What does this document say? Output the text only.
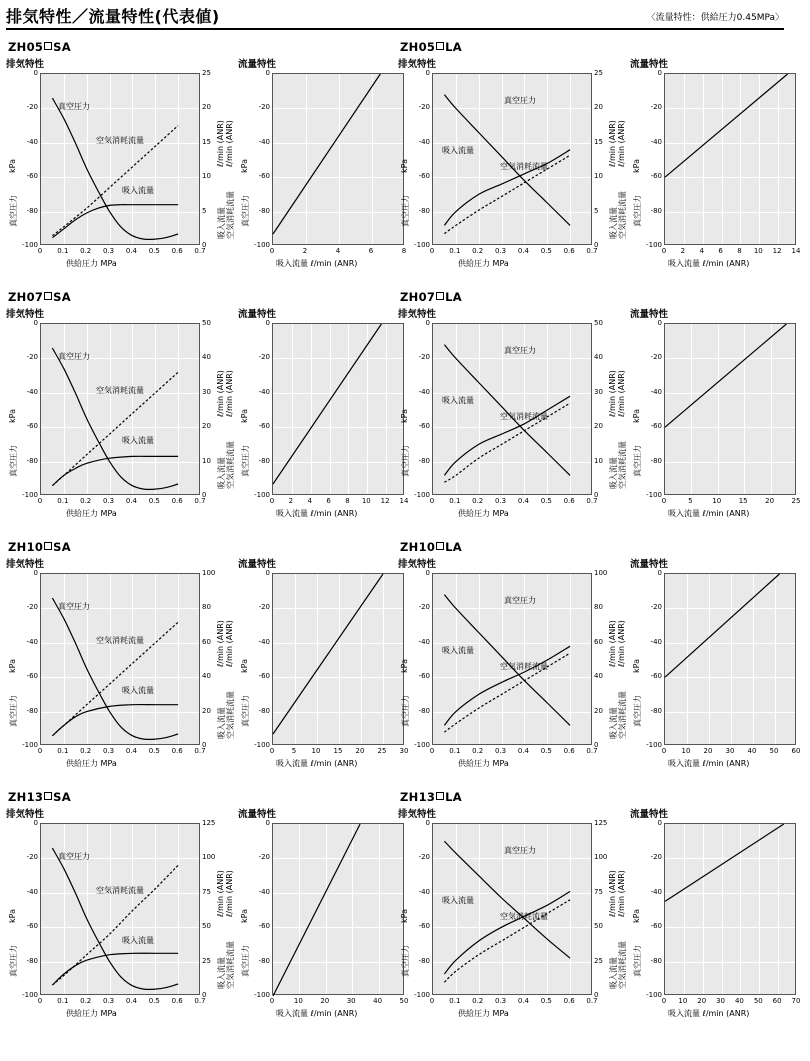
排気特性／流量特性(代表値)	〈流量特性：供給圧力0.45MPa〉
ZH05 SA
排気特性
0 0.1 0.2 0.3 0.4 0.5 0.6 0.7
0
-20
-40
-60
-80
-100	0
5
10
15
20
25
供給圧力 MPa
真空圧力
kPa
吸入流量 空気消耗流量
ℓ/min (ANR) ℓ/min (ANR)
真空圧力
空気消耗流量
吸入流量
流量特性
0	2	4	6	8
0
-20
-40
-60
-80
-100
吸入流量 ℓ/min (ANR)
真空圧力
kPa
ZH05 LA
排気特性
0 0.1 0.2 0.3 0.4 0.5 0.6 0.7
0
-20
-40
-60
-80
-100	0
5
10
15
20
25
供給圧力 MPa
真空圧力
kPa
吸入流量 空気消耗流量
ℓ/min (ANR) ℓ/min (ANR)
真空圧力
吸入流量
空気消耗流量
流量特性
0 2 4 6 8 10 12 14
0
-20
-40
-60
-80
-100
吸入流量 ℓ/min (ANR)
真空圧力
kPa
ZH07 SA
排気特性
0 0.1 0.2 0.3 0.4 0.5 0.6 0.7
0
-20
-40
-60
-80
-100	0
10
20
30
40
50
供給圧力 MPa
真空圧力
kPa
吸入流量 空気消耗流量
ℓ/min (ANR) ℓ/min (ANR)
真空圧力
空気消耗流量
吸入流量
流量特性
0 2 4 6 8 10 12 14
0
-20
-40
-60
-80
-100
吸入流量 ℓ/min (ANR)
真空圧力
kPa
ZH07 LA
排気特性
0 0.1 0.2 0.3 0.4 0.5 0.6 0.7
0
-20
-40
-60
-80
-100	0
10
20
30
40
50
供給圧力 MPa
真空圧力
kPa
吸入流量 空気消耗流量
ℓ/min (ANR) ℓ/min (ANR)
真空圧力
吸入流量
空気消耗流量
流量特性
0	5	10 15 20 25
0
-20
-40
-60
-80
-100
吸入流量 ℓ/min (ANR)
真空圧力
kPa
ZH10 SA
排気特性
0 0.1 0.2 0.3 0.4 0.5 0.6 0.7
0
-20
-40
-60
-80
-100	0
20
40
60
80
100
供給圧力 MPa
真空圧力
kPa
吸入流量 空気消耗流量
ℓ/min (ANR) ℓ/min (ANR)
真空圧力
空気消耗流量
吸入流量
流量特性
0	5 10 15 20 25 30
0
-20
-40
-60
-80
-100
吸入流量 ℓ/min (ANR)
真空圧力
kPa
ZH10 LA
排気特性
0 0.1 0.2 0.3 0.4 0.5 0.6 0.7
0
-20
-40
-60
-80
-100	0
20
40
60
80
100
供給圧力 MPa
真空圧力
kPa
吸入流量 空気消耗流量
ℓ/min (ANR) ℓ/min (ANR)
真空圧力
吸入流量
空気消耗流量
流量特性
0 10 20 30 40 50 60
0
-20
-40
-60
-80
-100
吸入流量 ℓ/min (ANR)
真空圧力
kPa
ZH13 SA
排気特性
0 0.1 0.2 0.3 0.4 0.5 0.6 0.7
0
-20
-40
-60
-80
-100	0
25
50
75
100
125
供給圧力 MPa
真空圧力
kPa
吸入流量 空気消耗流量
ℓ/min (ANR) ℓ/min (ANR)
真空圧力
空気消耗流量
吸入流量
流量特性
0	10 20 30 40 50
0
-20
-40
-60
-80
-100
吸入流量 ℓ/min (ANR)
真空圧力
kPa
ZH13 LA
排気特性
0 0.1 0.2 0.3 0.4 0.5 0.6 0.7
0
-20
-40
-60
-80
-100	0
25
50
75
100
125
供給圧力 MPa
真空圧力
kPa
吸入流量 空気消耗流量
ℓ/min (ANR) ℓ/min (ANR)
真空圧力
吸入流量
空気消耗流量
流量特性
0 10 20 30 40 50 60 70
0
-20
-40
-60
-80
-100
吸入流量 ℓ/min (ANR)
真空圧力
kPa
